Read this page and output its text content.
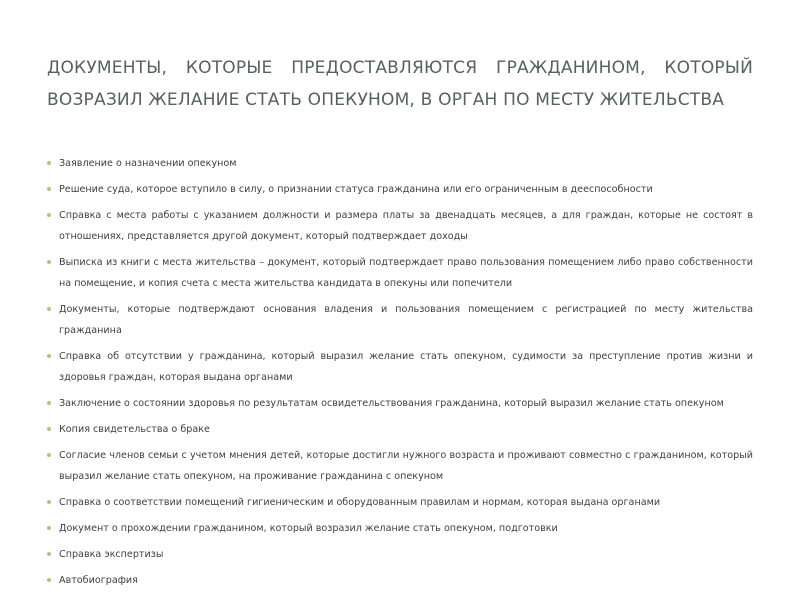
ДОКУМЕНТЫ, КОТОРЫЕ ПРЕДОСТАВЛЯЮТСЯ ГРАЖДАНИНОМ, КОТОРЫЙ
ВОЗРАЗИЛ ЖЕЛАНИЕ СТАТЬ ОПЕКУНОМ, В ОРГАН ПО МЕСТУ ЖИТЕЛЬСТВА
Заявление о назначении опекуном
Решение суда, которое вступило в силу, о признании статуса гражданина или его ограниченным в дееспособности
Справка с места работы с указанием должности и размера платы за двенадцать месяцев, а для граждан, которые не состоят в отношениях, представляется другой документ, который подтверждает доходы
Выписка из книги с места жительства – документ, который подтверждает право пользования помещением либо право собственности на помещение, и копия счета с места жительства кандидата в опекуны или попечители
Документы, которые подтверждают основания владения и пользования помещением с регистрацией по месту жительства гражданина
Справка об отсутствии у гражданина, который выразил желание стать опекуном, судимости за преступление против жизни и здоровья граждан, которая выдана органами
Заключение о состоянии здоровья по результатам освидетельствования гражданина, который выразил желание стать опекуном
Копия свидетельства о браке
Согласие членов семьи с учетом мнения детей, которые достигли нужного возраста и проживают совместно с гражданином, который выразил желание стать опекуном, на проживание гражданина с опекуном
Справка о соответствии помещений гигиеническим и оборудованным правилам и нормам, которая выдана органами
Документ о прохождении гражданином, который возразил желание стать опекуном, подготовки
Справка экспертизы
Автобиография
